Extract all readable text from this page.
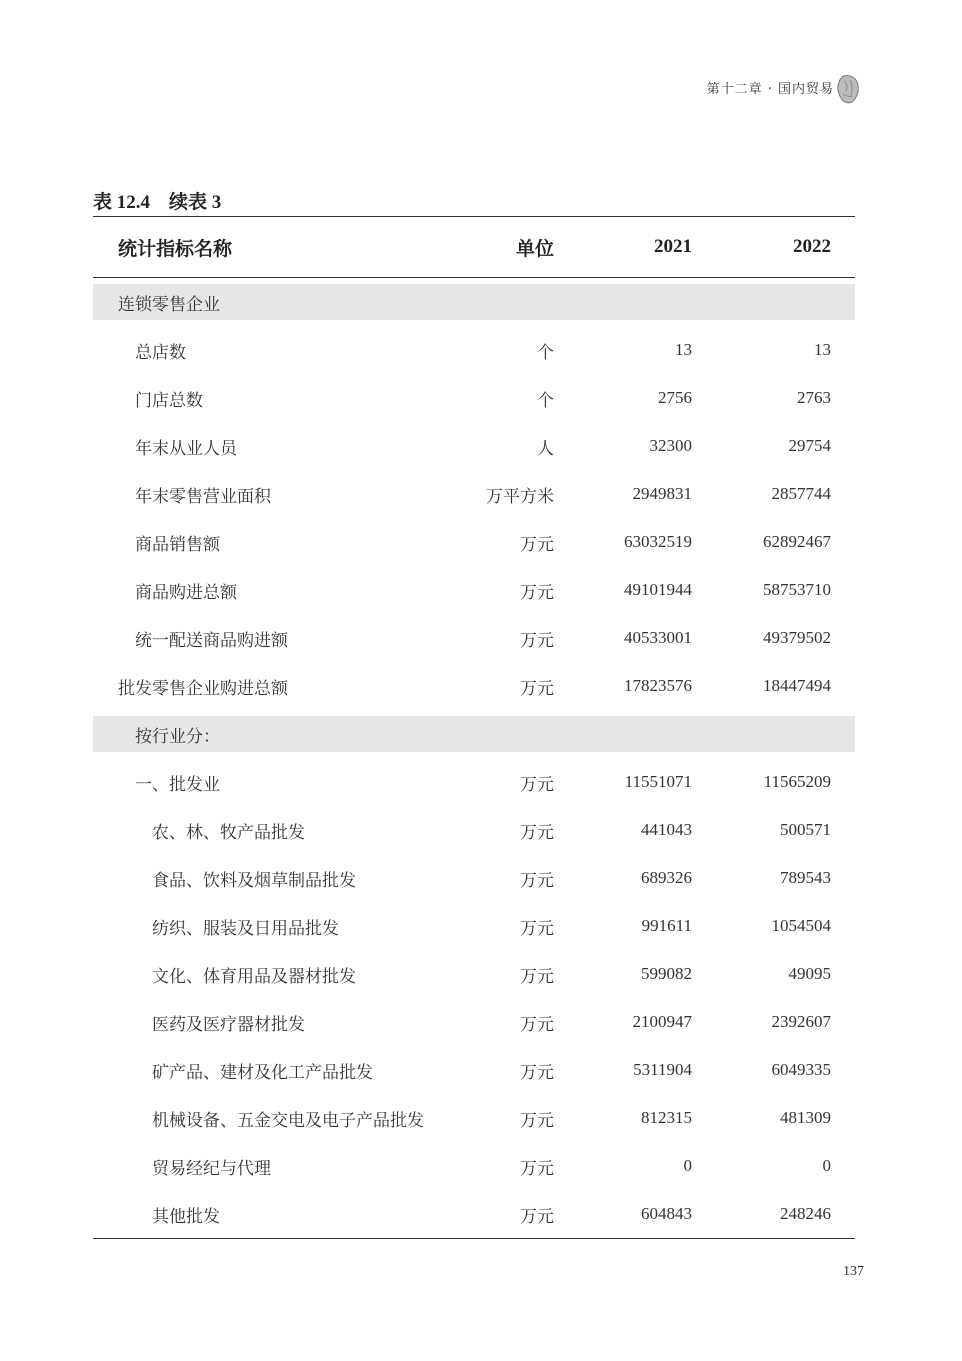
第十二章 · 国内贸易
表 12.4　续表 3
统计指标名称	单位	2021	2022
连锁零售企业
总店数	个	13	13
门店总数	个	2756	2763
年末从业人员	人	32300	29754
年末零售营业面积	万平方米	2949831	2857744
商品销售额	万元	63032519	62892467
商品购进总额	万元	49101944	58753710
统一配送商品购进额	万元	40533001	49379502
批发零售企业购进总额	万元	17823576	18447494
按行业分：
一、批发业	万元	11551071	11565209
农、林、牧产品批发	万元	441043	500571
食品、饮料及烟草制品批发	万元	689326	789543
纺织、服装及日用品批发	万元	991611	1054504
文化、体育用品及器材批发	万元	599082	49095
医药及医疗器材批发	万元	2100947	2392607
矿产品、建材及化工产品批发	万元	5311904	6049335
机械设备、五金交电及电子产品批发	万元	812315	481309
贸易经纪与代理	万元	0	0
其他批发	万元	604843	248246
137
